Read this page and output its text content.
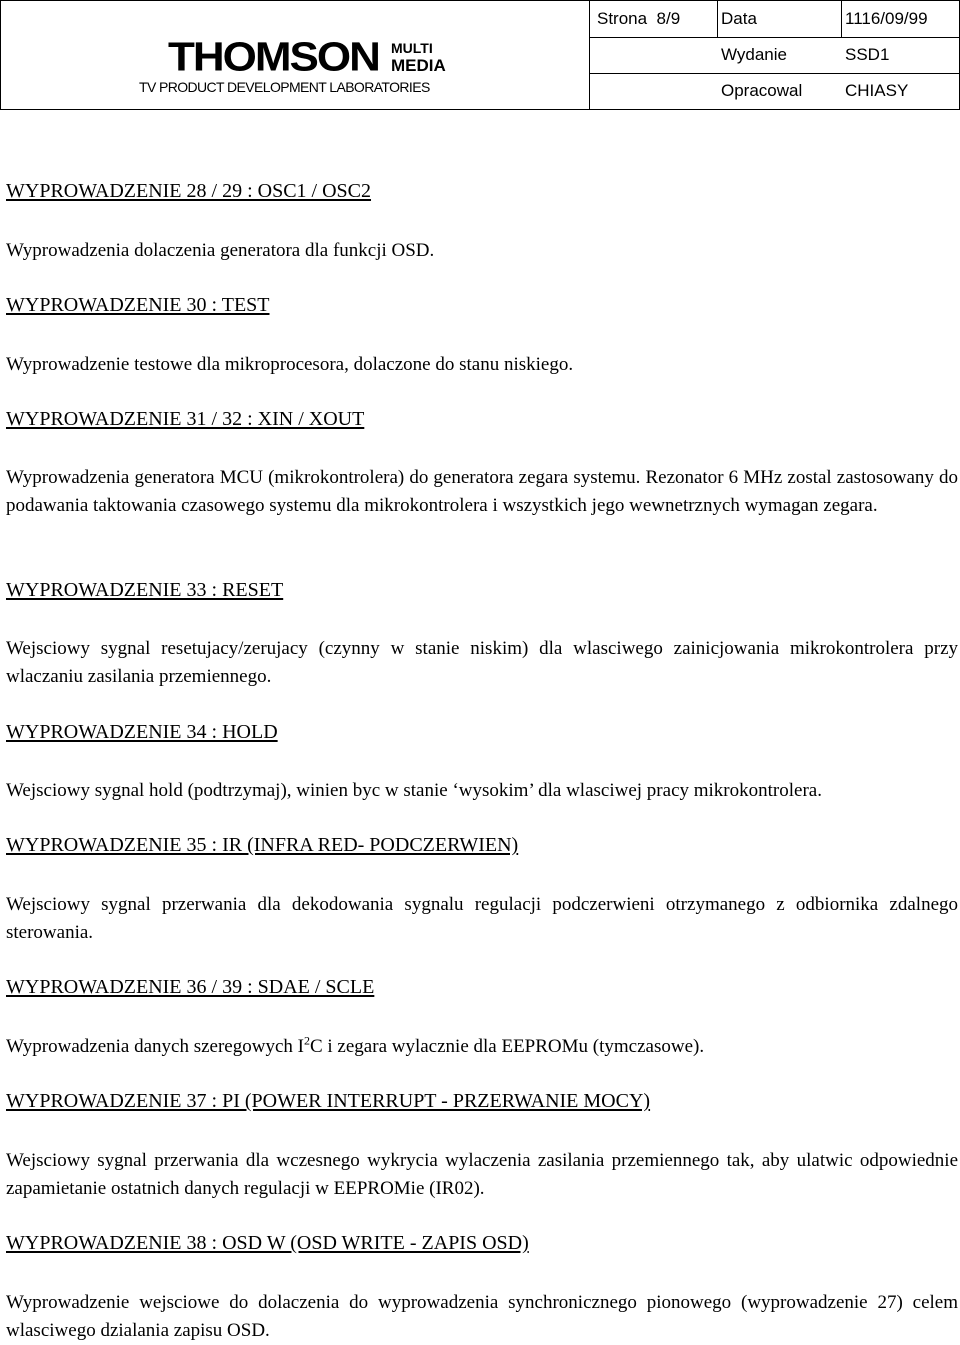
THOMSON MULTI
MEDIA
TV PRODUCT DEVELOPMENT LABORATORIES
Strona 8/9	Data	1116/09/99
Wydanie	SSD1
Opracowal	CHIASY
WYPROWADZENIE 28 / 29 : OSC1 / OSC2
Wyprowadzenia dolaczenia generatora dla funkcji OSD.
WYPROWADZENIE 30 : TEST
Wyprowadzenie testowe dla mikroprocesora, dolaczone do stanu niskiego.
WYPROWADZENIE 31 / 32 : XIN / XOUT
Wyprowadzenia generatora MCU (mikrokontrolera) do generatora zegara systemu. Rezonator 6 MHz zostal zastosowany do podawania taktowania czasowego systemu dla mikrokontrolera i wszystkich jego wewnetrznych wymagan zegara.
WYPROWADZENIE 33 : RESET
Wejsciowy sygnal resetujacy/zerujacy (czynny w stanie niskim) dla wlasciwego zainicjowania mikrokontrolera przy wlaczaniu zasilania przemiennego.
WYPROWADZENIE 34 : HOLD
Wejsciowy sygnal hold (podtrzymaj), winien byc w stanie ‘wysokim’ dla wlasciwej pracy mikrokontrolera.
WYPROWADZENIE 35 : IR (INFRA RED- PODCZERWIEN)
Wejsciowy sygnal przerwania dla dekodowania sygnalu regulacji podczerwieni otrzymanego z odbiornika zdalnego sterowania.
WYPROWADZENIE 36 / 39 : SDAE / SCLE
Wyprowadzenia danych szeregowych $I^2C$ i zegara wylacznie dla EEPROMu (tymczasowe).
WYPROWADZENIE 37 : PI (POWER INTERRUPT - PRZERWANIE MOCY)
Wejsciowy sygnal przerwania dla wczesnego wykrycia wylaczenia zasilania przemiennego tak, aby ulatwic odpowiednie zapamietanie ostatnich danych regulacji w EEPROMie (IR02).
WYPROWADZENIE 38 : OSD W (OSD WRITE - ZAPIS OSD)
Wyprowadzenie wejsciowe do dolaczenia do wyprowadzenia synchronicznego pionowego (wyprowadzenie 27) celem wlasciwego dzialania zapisu OSD.
